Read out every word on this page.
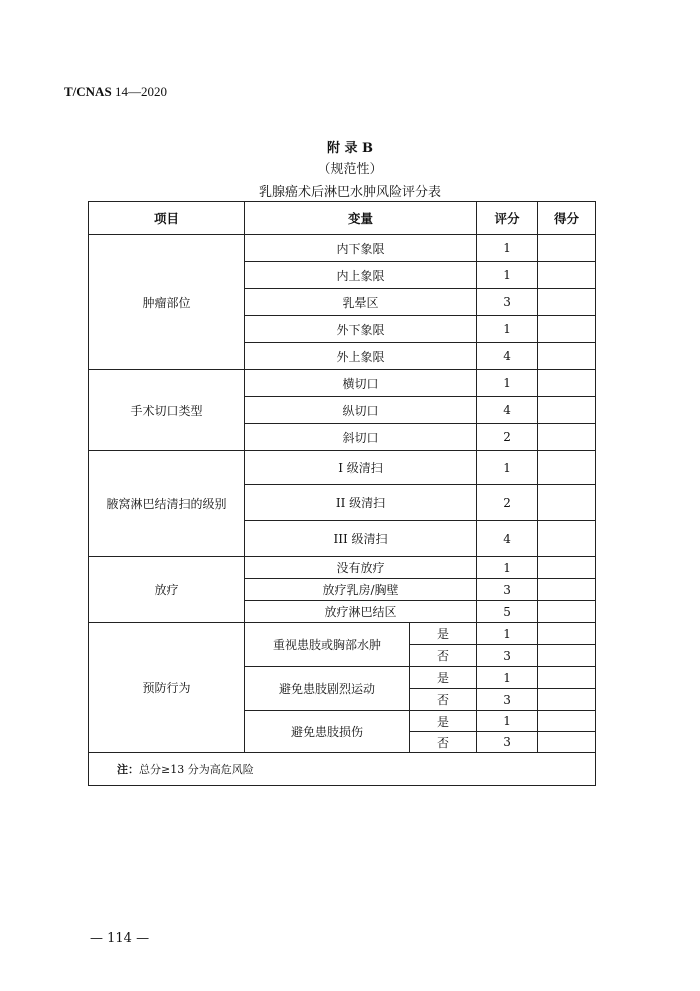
T/CNAS 14—2020
附 录 B
（规范性）
乳腺癌术后淋巴水肿风险评分表
项目	变量		评分	得分
肿瘤部位	内下象限		1	
	内上象限		1	
	乳晕区		3	
	外下象限		1	
	外上象限		4	
手术切口类型	横切口		1	
	纵切口		4	
	斜切口		2	
腋窝淋巴结清扫的级别	I 级清扫		1	
	II 级清扫		2	
	III 级清扫		4	
放疗	没有放疗		1	
	放疗乳房/胸壁		3	
	放疗淋巴结区		5	
预防行为	重视患肢或胸部水肿	是	1	
		否	3	
	避免患肢剧烈运动	是	1	
		否	3	
	避免患肢损伤	是	1	
		否	3	
注：总分≥13 分为高危风险				
— 114 —
